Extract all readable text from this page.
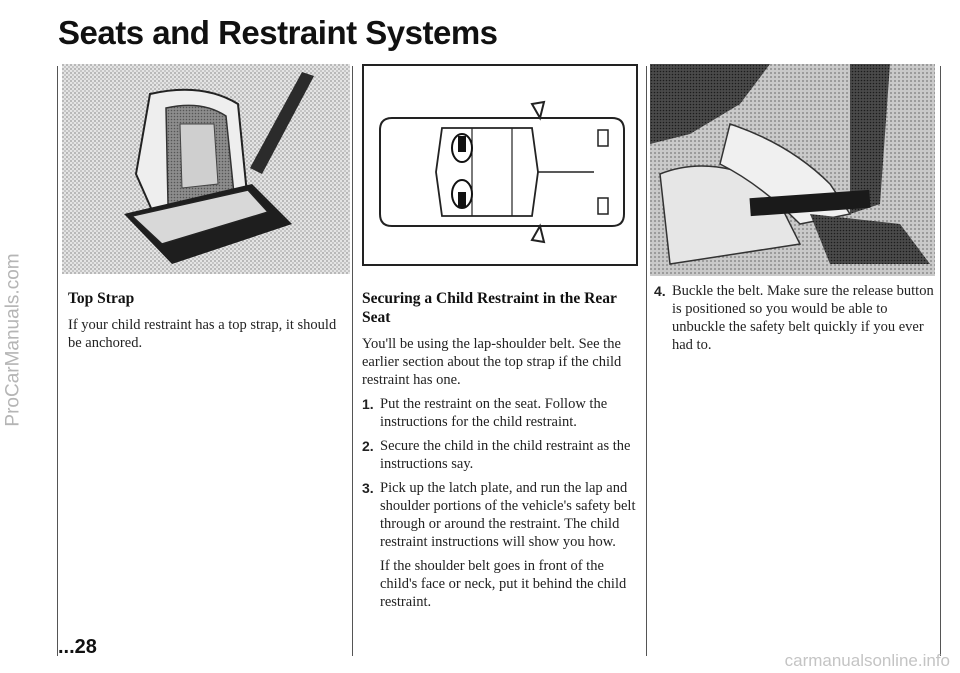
Seats and Restraint Systems
ProCarManuals.com	Top Strap

If your child restraint has a top strap, it should be anchored.

Securing a Child Restraint in the Rear Seat

You'll be using the lap-shoulder belt. See the earlier section about the top strap if the child restraint has one.

1. Put the restraint on the seat. Follow the instructions for the child restraint.
2. Secure the child in the child restraint as the instructions say.
3. Pick up the latch plate, and run the lap and shoulder portions of the vehicle's safety belt through or around the restraint. The child restraint instructions will show you how.

If the shoulder belt goes in front of the child's face or neck, put it behind the child restraint.

4. Buckle the belt. Make sure the release button is positioned so you would be able to unbuckle the safety belt quickly if you ever had to.
...28
carmanualsonline.info
